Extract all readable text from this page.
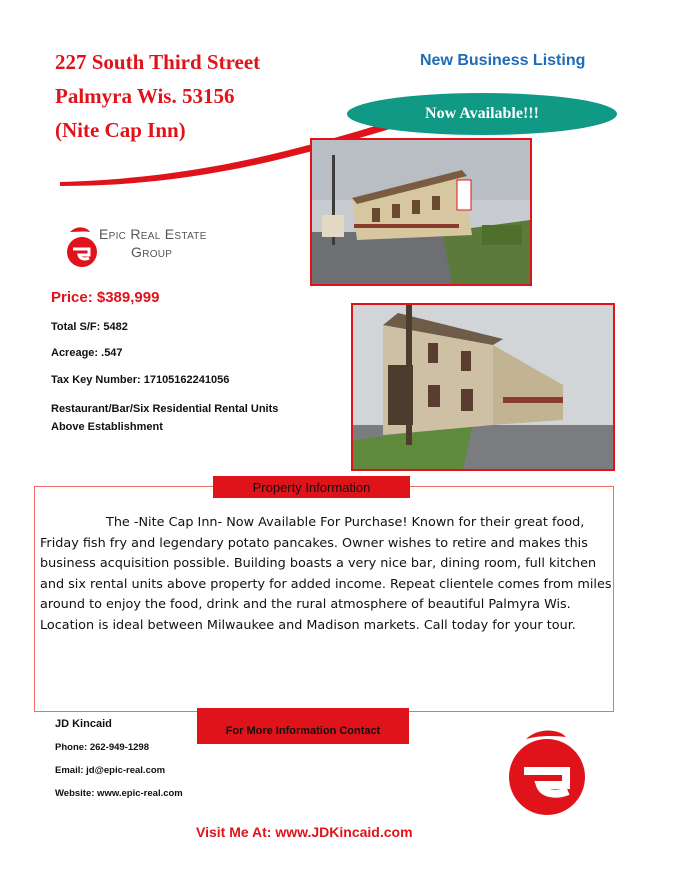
227 South Third Street
Palmyra Wis. 53156
(Nite Cap Inn)
New Business Listing
Now Available!!!
Epic Real Estate
Group
Price: $389,999
Total S/F: 5482
Acreage: .547
Tax Key Number: 17105162241056
Restaurant/Bar/Six Residential Rental Units Above Establishment
Property Information
The -Nite Cap Inn- Now Available For Purchase! Known for their great food, Friday fish fry and legendary potato pancakes. Owner wishes to retire and makes this business acquisition possible. Building boasts a very nice bar, dining room, full kitchen and six rental units above property for added income. Repeat clientele comes from miles around to enjoy the food, drink and the rural atmosphere of beautiful Palmyra Wis. Location is ideal between Milwaukee and Madison markets. Call today for your tour.
For More Information Contact
JD Kincaid
Phone: 262-949-1298
Email: jd@epic-real.com
Website: www.epic-real.com
Visit Me At: www.JDKincaid.com
